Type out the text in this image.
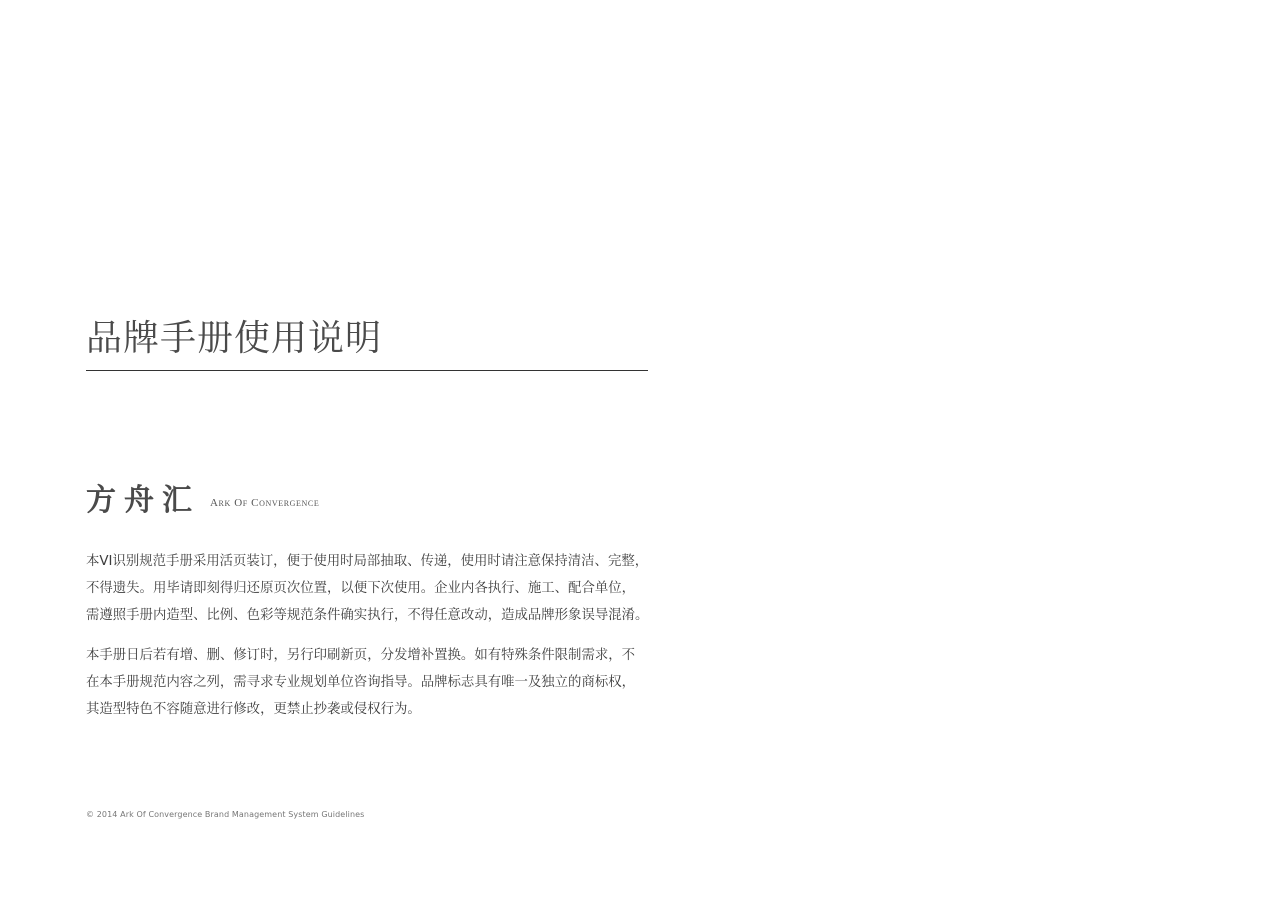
品牌手册使用说明
方舟汇 Ark Of Convergence

本VI识别规范手册采用活页装订，便于使用时局部抽取、传递，使用时请注意保持清洁、完整，
不得遗失。用毕请即刻得归还原页次位置，以便下次使用。企业内各执行、施工、配合单位，
需遵照手册内造型、比例、色彩等规范条件确实执行，不得任意改动，造成品牌形象误导混淆。

本手册日后若有增、删、修订时，另行印刷新页，分发增补置换。如有特殊条件限制需求，不
在本手册规范内容之列，需寻求专业规划单位咨询指导。品牌标志具有唯一及独立的商标权，
其造型特色不容随意进行修改，更禁止抄袭或侵权行为。

© 2014 Ark Of Convergence Brand Management System Guidelines
